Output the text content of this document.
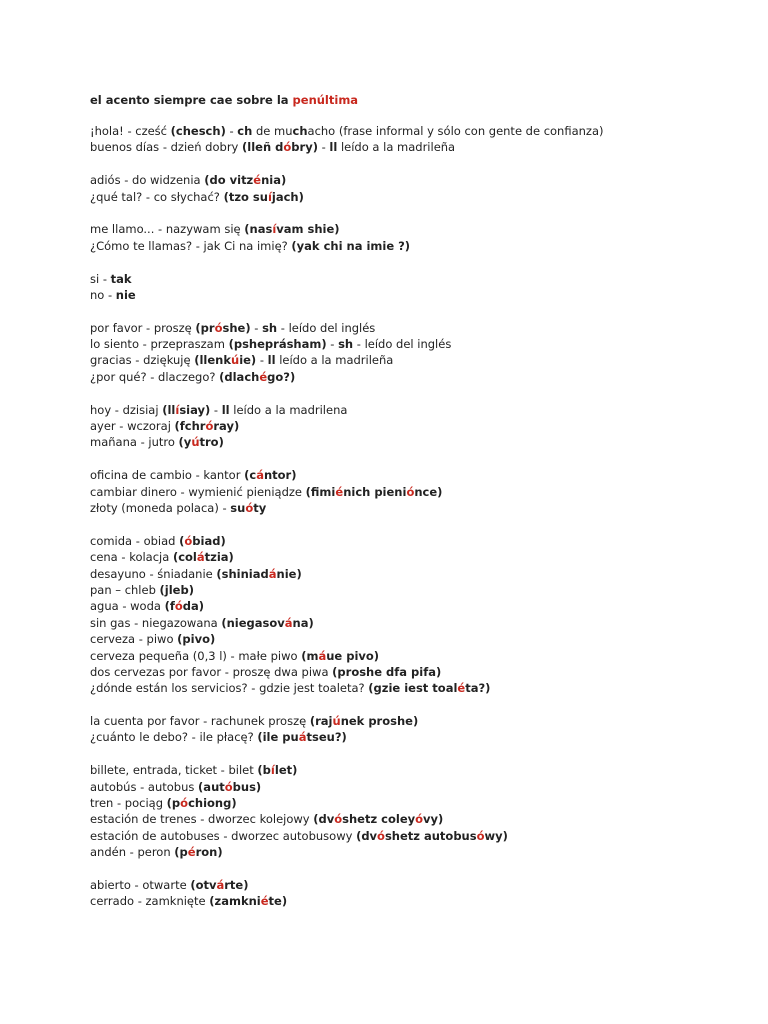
el acento siempre cae sobre la penúltima
¡hola! - cześć (chesch) - ch de muchacho (frase informal y sólo con gente de confianza)
buenos días - dzień dobry (lleñ dóbry) - ll leído a la madrileña
adiós - do widzenia (do vitzénia)
¿qué tal? - co słychać? (tzo suíjach)
me llamo... - nazywam się (nasívam shie)
¿Cómo te llamas? - jak Ci na imię? (yak chi na imie ?)
si - tak
no - nie
por favor - proszę (próshe) - sh - leído del inglés
lo siento - przepraszam (psheprásham) - sh - leído del inglés
gracias - dziękuję (llenkúie) - ll leído a la madrileña
¿por qué? - dlaczego? (dlachégo?)
hoy - dzisiaj (llísiay) - ll leído a la madrilena
ayer - wczoraj (fchróray)
mañana - jutro (yútro)
oficina de cambio - kantor (cántor)
cambiar dinero - wymienić pieniądze (fimiénich pieniónce)
złoty (moneda polaca) - suóty
comida - obiad (óbiad)
cena - kolacja (colátzia)
desayuno - śniadanie (shiniadánie)
pan – chleb (jleb)
agua - woda (fóda)
sin gas - niegazowana (niegasována)
cerveza - piwo (pivo)
cerveza pequeña (0,3 l) - małe piwo (máue pivo)
dos cervezas por favor - proszę dwa piwa (proshe dfa pifa)
¿dónde están los servicios? - gdzie jest toaleta? (gzie iest toaléta?)
la cuenta por favor - rachunek proszę (rajúnek proshe)
¿cuánto le debo? - ile płacę? (ile puátseu?)
billete, entrada, ticket - bilet (bílet)
autobús - autobus (autóbus)
tren - pociąg (póchiong)
estación de trenes - dworzec kolejowy (dvóshetz coleyóvy)
estación de autobuses - dworzec autobusowy (dvóshetz autobusówy)
andén - peron (péron)
abierto - otwarte (otvárte)
cerrado - zamknięte (zamkniéte)
